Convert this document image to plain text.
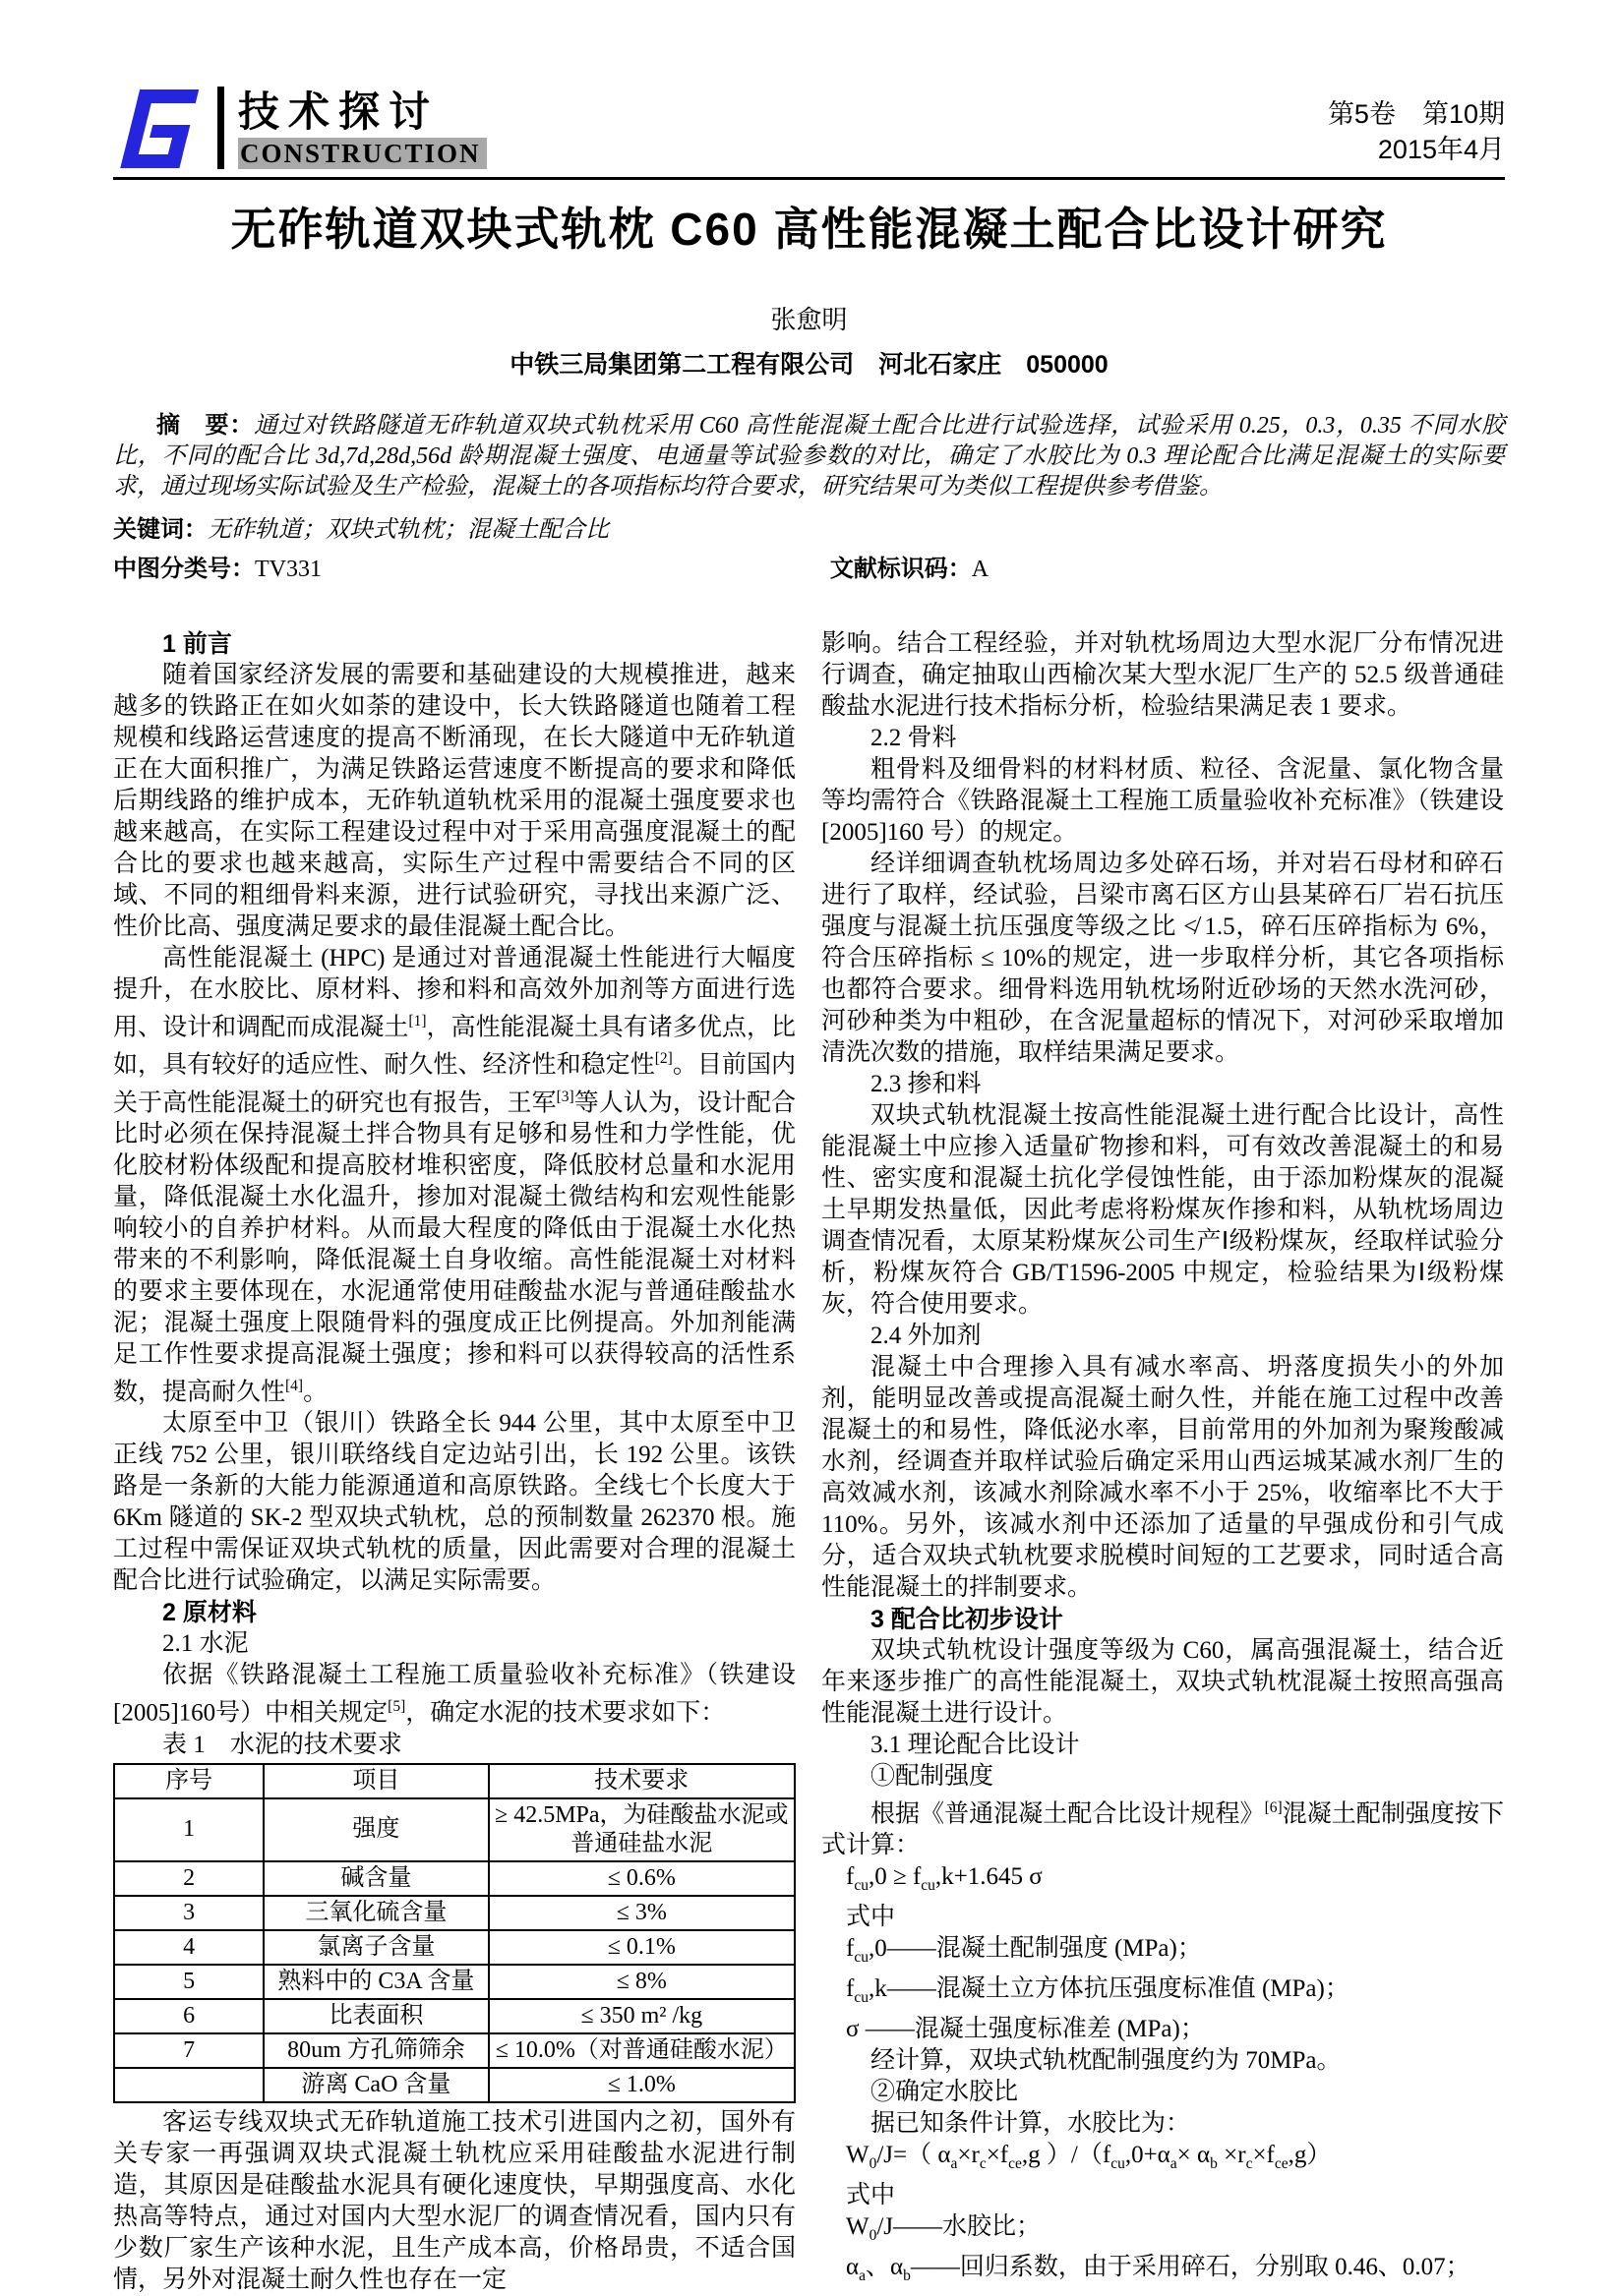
技术探讨
CONSTRUCTION
第5卷　第10期
2015年4月
无砟轨道双块式轨枕 C60 高性能混凝土配合比设计研究
张愈明
中铁三局集团第二工程有限公司　河北石家庄　050000

摘　要：通过对铁路隧道无砟轨道双块式轨枕采用 C60 高性能混凝土配合比进行试验选择，试验采用 0.25，0.3，0.35 不同水胶比，不同的配合比 3d,7d,28d,56d 龄期混凝土强度、电通量等试验参数的对比，确定了水胶比为 0.3 理论配合比满足混凝土的实际要求，通过现场实际试验及生产检验，混凝土的各项指标均符合要求，研究结果可为类似工程提供参考借鉴。

关键词：无砟轨道；双块式轨枕；混凝土配合比

中图分类号：TV331	文献标识码：A

1 前言

随着国家经济发展的需要和基础建设的大规模推进，越来越多的铁路正在如火如荼的建设中，长大铁路隧道也随着工程规模和线路运营速度的提高不断涌现，在长大隧道中无砟轨道正在大面积推广，为满足铁路运营速度不断提高的要求和降低后期线路的维护成本，无砟轨道轨枕采用的混凝土强度要求也越来越高，在实际工程建设过程中对于采用高强度混凝土的配合比的要求也越来越高，实际生产过程中需要结合不同的区域、不同的粗细骨料来源，进行试验研究，寻找出来源广泛、性价比高、强度满足要求的最佳混凝土配合比。

高性能混凝土 (HPC) 是通过对普通混凝土性能进行大幅度提升，在水胶比、原材料、掺和料和高效外加剂等方面进行选用、设计和调配而成混凝土[1]，高性能混凝土具有诸多优点，比如，具有较好的适应性、耐久性、经济性和稳定性[2]。目前国内关于高性能混凝土的研究也有报告，王军[3]等人认为，设计配合比时必须在保持混凝土拌合物具有足够和易性和力学性能，优化胶材粉体级配和提高胶材堆积密度，降低胶材总量和水泥用量，降低混凝土水化温升，掺加对混凝土微结构和宏观性能影响较小的自养护材料。从而最大程度的降低由于混凝土水化热带来的不利影响，降低混凝土自身收缩。高性能混凝土对材料的要求主要体现在，水泥通常使用硅酸盐水泥与普通硅酸盐水泥；混凝土强度上限随骨料的强度成正比例提高。外加剂能满足工作性要求提高混凝土强度；掺和料可以获得较高的活性系数，提高耐久性[4]。

太原至中卫（银川）铁路全长 944 公里，其中太原至中卫正线 752 公里，银川联络线自定边站引出，长 192 公里。该铁路是一条新的大能力能源通道和高原铁路。全线七个长度大于 6Km 隧道的 SK-2 型双块式轨枕，总的预制数量 262370 根。施工过程中需保证双块式轨枕的质量，因此需要对合理的混凝土配合比进行试验确定，以满足实际需要。

2 原材料

2.1 水泥

依据《铁路混凝土工程施工质量验收补充标准》（铁建设 [2005]160号）中相关规定[5]，确定水泥的技术要求如下：

表 1　水泥的技术要求

序号	项目	技术要求
1	强度	≥ 42.5MPa，为硅酸盐水泥或普通硅盐水泥
2	碱含量	≤ 0.6%
3	三氧化硫含量	≤ 3%
4	氯离子含量	≤ 0.1%
5	熟料中的 C3A 含量	≤ 8%
6	比表面积	≤ 350 m² /kg
7	80um 方孔筛筛余	≤ 10.0%（对普通硅酸水泥）
	游离 CaO 含量	≤ 1.0%

客运专线双块式无砟轨道施工技术引进国内之初，国外有关专家一再强调双块式混凝土轨枕应采用硅酸盐水泥进行制造，其原因是硅酸盐水泥具有硬化速度快，早期强度高、水化热高等特点，通过对国内大型水泥厂的调查情况看，国内只有少数厂家生产该种水泥，且生产成本高，价格昂贵，不适合国情，另外对混凝土耐久性也存在一定

影响。结合工程经验，并对轨枕场周边大型水泥厂分布情况进行调查，确定抽取山西榆次某大型水泥厂生产的 52.5 级普通硅酸盐水泥进行技术指标分析，检验结果满足表 1 要求。

2.2 骨料

粗骨料及细骨料的材料材质、粒径、含泥量、氯化物含量等均需符合《铁路混凝土工程施工质量验收补充标准》（铁建设 [2005]160 号）的规定。

经详细调查轨枕场周边多处碎石场，并对岩石母材和碎石进行了取样，经试验，吕梁市离石区方山县某碎石厂岩石抗压强度与混凝土抗压强度等级之比 ≮ 1.5，碎石压碎指标为 6%，符合压碎指标 ≤ 10%的规定，进一步取样分析，其它各项指标也都符合要求。细骨料选用轨枕场附近砂场的天然水洗河砂，河砂种类为中粗砂，在含泥量超标的情况下，对河砂采取增加清洗次数的措施，取样结果满足要求。

2.3 掺和料

双块式轨枕混凝土按高性能混凝土进行配合比设计，高性能混凝土中应掺入适量矿物掺和料，可有效改善混凝土的和易性、密实度和混凝土抗化学侵蚀性能，由于添加粉煤灰的混凝土早期发热量低，因此考虑将粉煤灰作掺和料，从轨枕场周边调查情况看，太原某粉煤灰公司生产Ⅰ级粉煤灰，经取样试验分析，粉煤灰符合 GB/T1596-2005 中规定，检验结果为Ⅰ级粉煤灰，符合使用要求。

2.4 外加剂

混凝土中合理掺入具有减水率高、坍落度损失小的外加剂，能明显改善或提高混凝土耐久性，并能在施工过程中改善混凝土的和易性，降低泌水率，目前常用的外加剂为聚羧酸减水剂，经调查并取样试验后确定采用山西运城某减水剂厂生的高效减水剂，该减水剂除减水率不小于 25%，收缩率比不大于 110%。另外，该减水剂中还添加了适量的早强成份和引气成分，适合双块式轨枕要求脱模时间短的工艺要求，同时适合高性能混凝土的拌制要求。

3 配合比初步设计

双块式轨枕设计强度等级为 C60，属高强混凝土，结合近年来逐步推广的高性能混凝土，双块式轨枕混凝土按照高强高性能混凝土进行设计。

3.1 理论配合比设计

①配制强度

根据《普通混凝土配合比设计规程》[6]混凝土配制强度按下式计算：

$f_{cu},0 \ge f_{cu},k+1.645$ σ

式中

$f_{cu},0——$混凝土配制强度 (MPa)；

$f_{cu},k——$混凝土立方体抗压强度标准值 (MPa)；

σ ——混凝土强度标准差 (MPa)；

经计算，双块式轨枕配制强度约为 70MPa。

②确定水胶比

据已知条件计算，水胶比为：

$W_0/J=$（ $\alpha_a\times r_c\times f_{ce},g$ ）$/(f_{cu},0+\alpha_a\times \alpha_b \times r_c\times f_{ce},g)$

式中

$W_0/J——$水胶比；

$\alpha_a$、$\alpha_b——$回归系数，由于采用碎石，分别取 0.46、0.07；
